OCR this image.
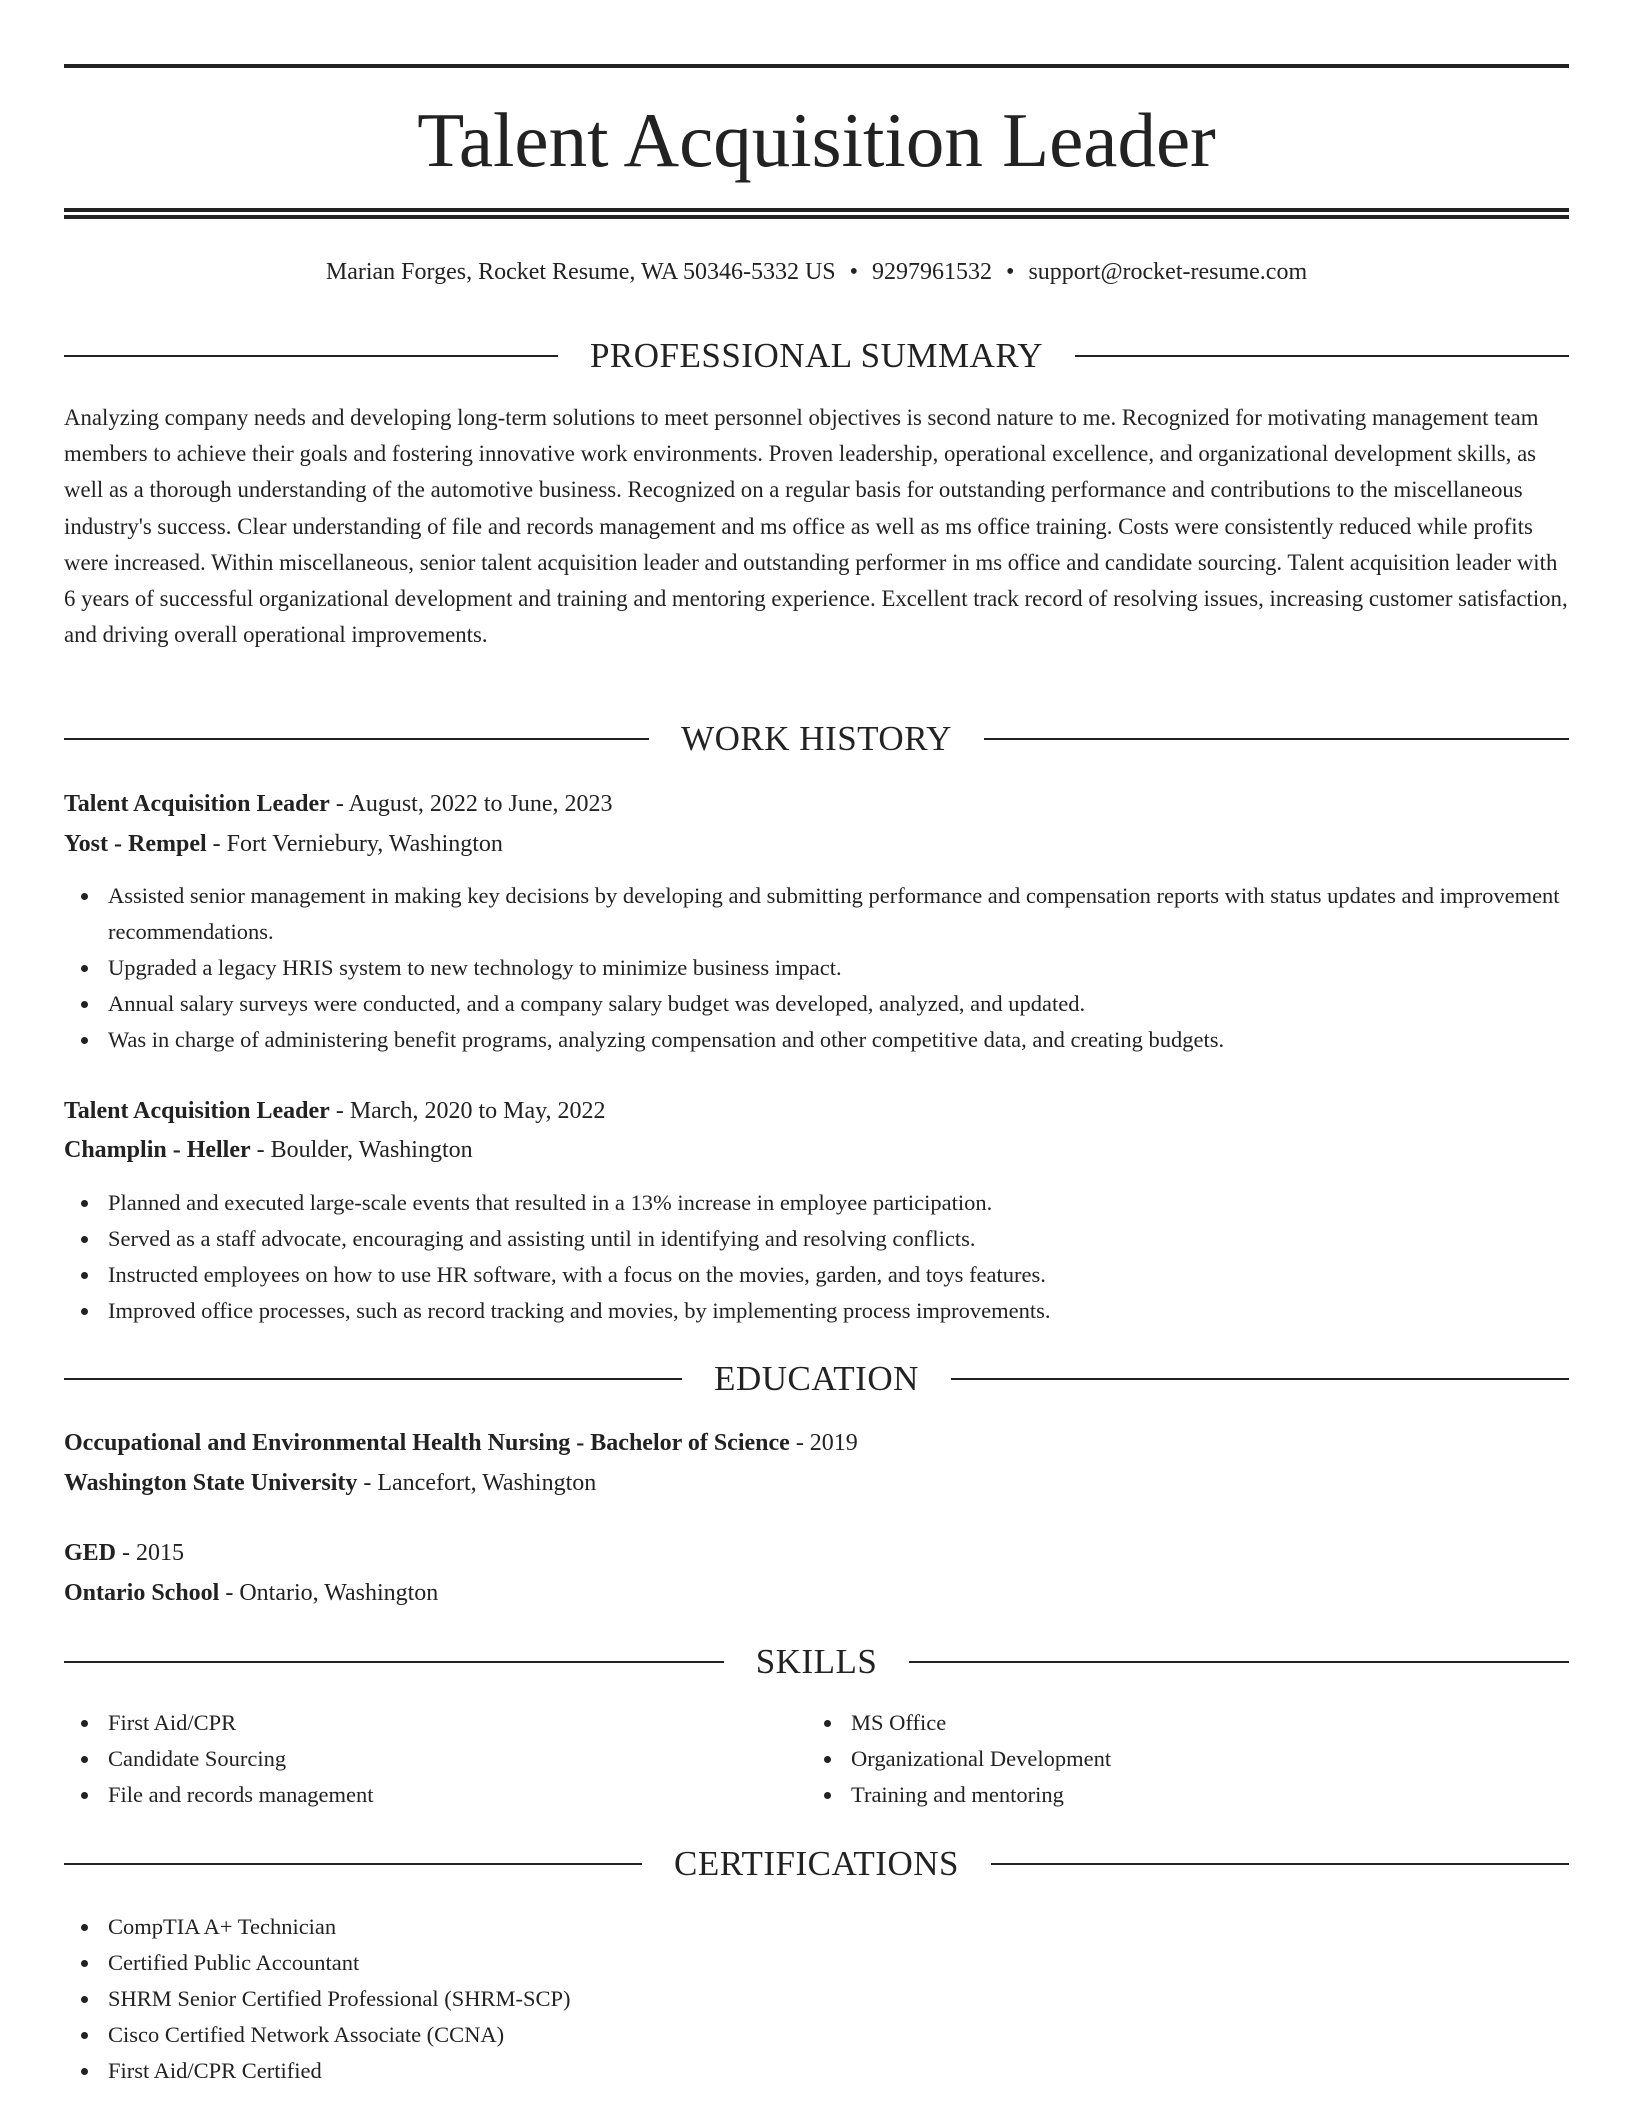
Talent Acquisition Leader
Marian Forges, Rocket Resume, WA 50346-5332 US • 9297961532 • support@rocket-resume.com
PROFESSIONAL SUMMARY

Analyzing company needs and developing long-term solutions to meet personnel objectives is second nature to me. Recognized for motivating management team members to achieve their goals and fostering innovative work environments. Proven leadership, operational excellence, and organizational development skills, as well as a thorough understanding of the automotive business. Recognized on a regular basis for outstanding performance and contributions to the miscellaneous industry's success. Clear understanding of file and records management and ms office as well as ms office training. Costs were consistently reduced while profits were increased. Within miscellaneous, senior talent acquisition leader and outstanding performer in ms office and candidate sourcing. Talent acquisition leader with 6 years of successful organizational development and training and mentoring experience. Excellent track record of resolving issues, increasing customer satisfaction, and driving overall operational improvements.

WORK HISTORY
Talent Acquisition Leader - August, 2022 to June, 2023
Yost - Rempel - Fort Verniebury, Washington
Assisted senior management in making key decisions by developing and submitting performance and compensation reports with status updates and improvement recommendations.
Upgraded a legacy HRIS system to new technology to minimize business impact.
Annual salary surveys were conducted, and a company salary budget was developed, analyzed, and updated.
Was in charge of administering benefit programs, analyzing compensation and other competitive data, and creating budgets.
Talent Acquisition Leader - March, 2020 to May, 2022
Champlin - Heller - Boulder, Washington
Planned and executed large-scale events that resulted in a 13% increase in employee participation.
Served as a staff advocate, encouraging and assisting until in identifying and resolving conflicts.
Instructed employees on how to use HR software, with a focus on the movies, garden, and toys features.
Improved office processes, such as record tracking and movies, by implementing process improvements.
EDUCATION
Occupational and Environmental Health Nursing - Bachelor of Science - 2019
Washington State University - Lancefort, Washington
GED - 2015
Ontario School - Ontario, Washington
SKILLS
First Aid/CPR
Candidate Sourcing
File and records management
MS Office
Organizational Development
Training and mentoring
CERTIFICATIONS
CompTIA A+ Technician
Certified Public Accountant
SHRM Senior Certified Professional (SHRM-SCP)
Cisco Certified Network Associate (CCNA)
First Aid/CPR Certified
